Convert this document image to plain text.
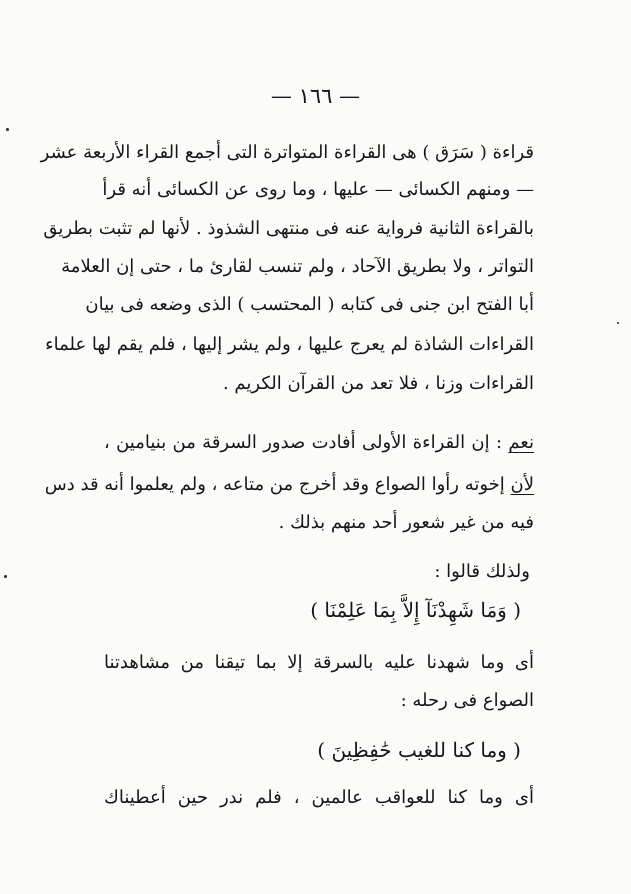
— ١٦٦ —
قراءة ( سَرَق ) هى القراءة المتواترة التى أجمع القراء الأربعة عشر
— ومنهم الكسائى — عليها ، وما روى عن الكسائى أنه قرأ
بالقراءة الثانية فرواية عنه فى منتهى الشذوذ . لأنها لم تثبت بطريق
التواتر ، ولا بطريق الآحاد ، ولم تنسب لقارئ ما ، حتى إن العلامة
أبا الفتح ابن جنى فى كتابه ( المحتسب ) الذى وضعه فى بيان
القراءات الشاذة لم يعرج عليها ، ولم يشر إليها ، فلم يقم لها علماء
القراءات وزنا ، فلا تعد من القرآن الكريم .
نعم : إن القراءة الأولى أفادت صدور السرقة من بنيامين ،
لأن إخوته رأوا الصواع وقد أخرج من متاعه ، ولم يعلموا أنه قد دس
فيه من غير شعور أحد منهم بذلك .
ولذلك قالوا :
( وَمَا شَهِدْنَآ إِلاَّ بِمَا عَلِمْنَا )
أى وما شهدنا عليه بالسرقة إلا بما تيقنا من مشاهدتنا
الصواع فى رحله :
( وما كنا للغيب حَٰفِظِينَ )
أى وما كنا للعواقب عالمين ، فلم ندر حين أعطيناك
